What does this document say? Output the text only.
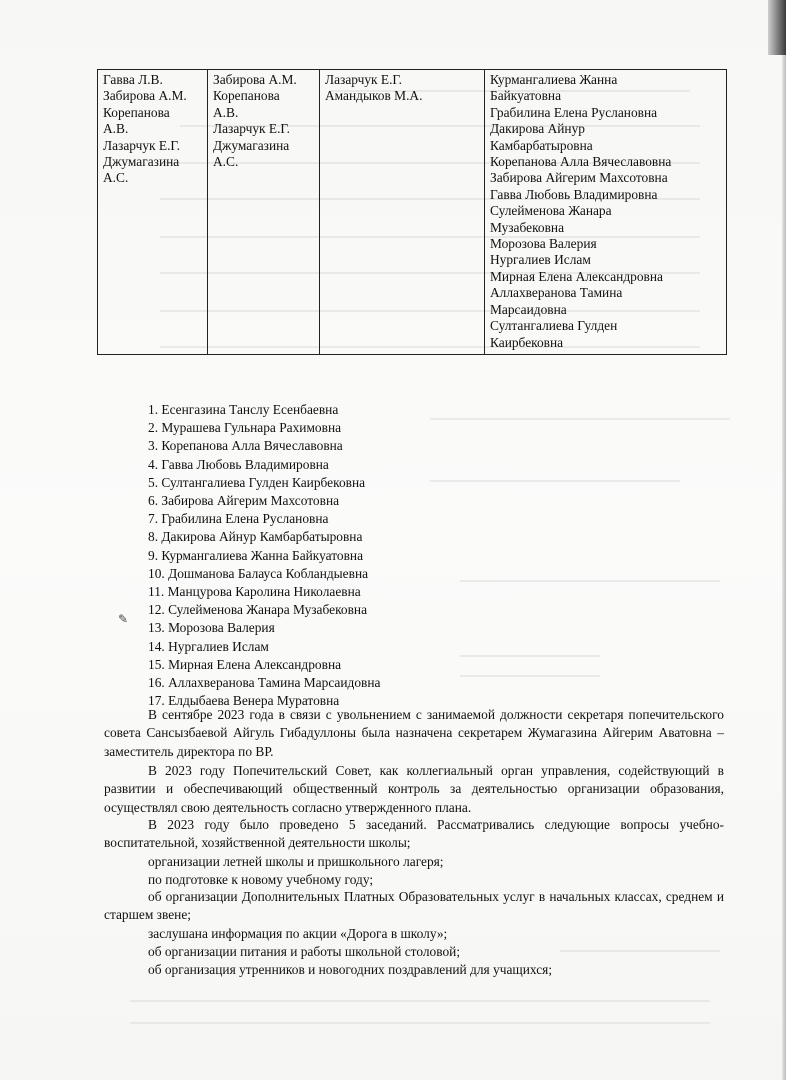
Гавва Л.В.
Забирова А.М.
Корепанова
А.В.
Лазарчук Е.Г.
Джумагазина
А.С.

Забирова А.М.
Корепанова
А.В.
Лазарчук Е.Г.
Джумагазина
А.С.

Лазарчук Е.Г.
Амандыков М.А.

Курмангалиева Жанна
Байкуатовна
Грабилина Елена Руслановна
Дакирова Айнур
Камбарбатыровна
Корепанова Алла Вячеславовна
Забирова Айгерим Махсотовна
Гавва Любовь Владимировна
Сулейменова Жанара
Музабековна
Морозова Валерия
Нургалиев Ислам
Мирная Елена Александровна
Аллахверанова Тамина
Марсаидовна
Султангалиева Гулден
Каирбековна
1. Есенгазина Танслу Есенбаевна
2. Мурашева Гульнара Рахимовна
3. Корепанова Алла Вячеславовна
4. Гавва Любовь Владимировна
5. Султангалиева Гулден Каирбековна
6. Забирова Айгерим Махсотовна
7. Грабилина Елена Руслановна
8. Дакирова Айнур Камбарбатыровна
9. Курмангалиева Жанна Байкуатовна
10. Дошманова Балауса Кобландыевна
11. Манцурова Каролина Николаевна
12. Сулейменова Жанара Музабековна
13. Морозова Валерия
14. Нургалиев Ислам
15. Мирная Елена Александровна
16. Аллахверанова Тамина Марсаидовна
17. Елдыбаева Венера Муратовна
✎

В сентябре 2023 года в связи с увольнением с занимаемой должности секретаря попечительского совета Сансызбаевой Айгуль Гибадуллоны была назначена секретарем Жумагазина Айгерим Аватовна – заместитель директора по ВР.

В 2023 году Попечительский Совет, как коллегиальный орган управления, содействующий в развитии и обеспечивающий общественный контроль за деятельностью организации образования, осуществлял свою деятельность согласно утвержденного плана.

В 2023 году было проведено 5 заседаний. Рассматривались следующие вопросы учебно-воспитательной, хозяйственной деятельности школы;

организации летней школы и пришкольного лагеря;

по подготовке к новому учебному году;

об организации Дополнительных Платных Образовательных услуг в начальных классах, среднем и старшем звене;

заслушана информация по акции «Дорога в школу»;

об организации питания и работы школьной столовой;

об организация утренников и новогодних поздравлений для учащихся;
